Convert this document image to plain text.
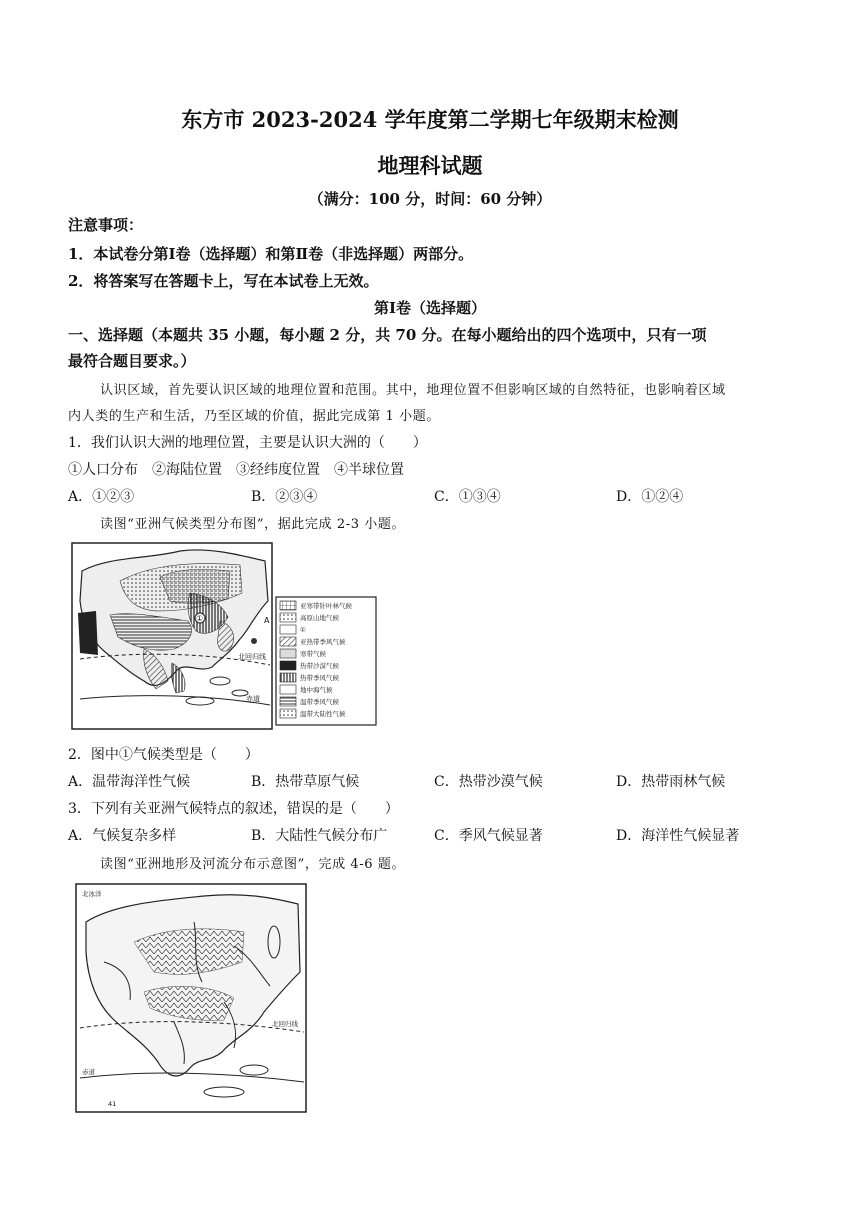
东方市 2023-2024 学年度第二学期七年级期末检测
地理科试题
（满分：100 分，时间：60 分钟）
注意事项：
1．本试卷分第Ⅰ卷（选择题）和第Ⅱ卷（非选择题）两部分。
2．将答案写在答题卡上，写在本试卷上无效。
第Ⅰ卷（选择题）
一、选择题（本题共 35 小题，每小题 2 分，共 70 分。在每小题给出的四个选项中，只有一项
最符合题目要求。）
认识区域，首先要认识区域的地理位置和范围。其中，地理位置不但影响区域的自然特征，也影响着区域
内人类的生产和生活，乃至区域的价值，据此完成第 1 小题。
1．我们认识大洲的地理位置，主要是认识大洲的（　　）
①人口分布　②海陆位置　③经纬度位置　④半球位置
A．①②③	B．②③④	C．①③④	D．①②④
读图“亚洲气候类型分布图”，据此完成 2-3 小题。
亚寒带针叶林气候
高原山地气候
①
亚热带季风气候
寒带气候
热带沙漠气候
热带季风气候
地中海气候
温带季风气候
温带大陆性气候
①	A
北回归线
赤道
2．图中①气候类型是（　　）
A．温带海洋性气候	B．热带草原气候	C．热带沙漠气候	D．热带雨林气候
3．下列有关亚洲气候特点的叙述，错误的是（　　）
A．气候复杂多样	B．大陆性气候分布广	C．季风气候显著	D．海洋性气候显著
读图“亚洲地形及河流分布示意图”，完成 4-6 题。
北冰洋
北回归线
赤道
41
